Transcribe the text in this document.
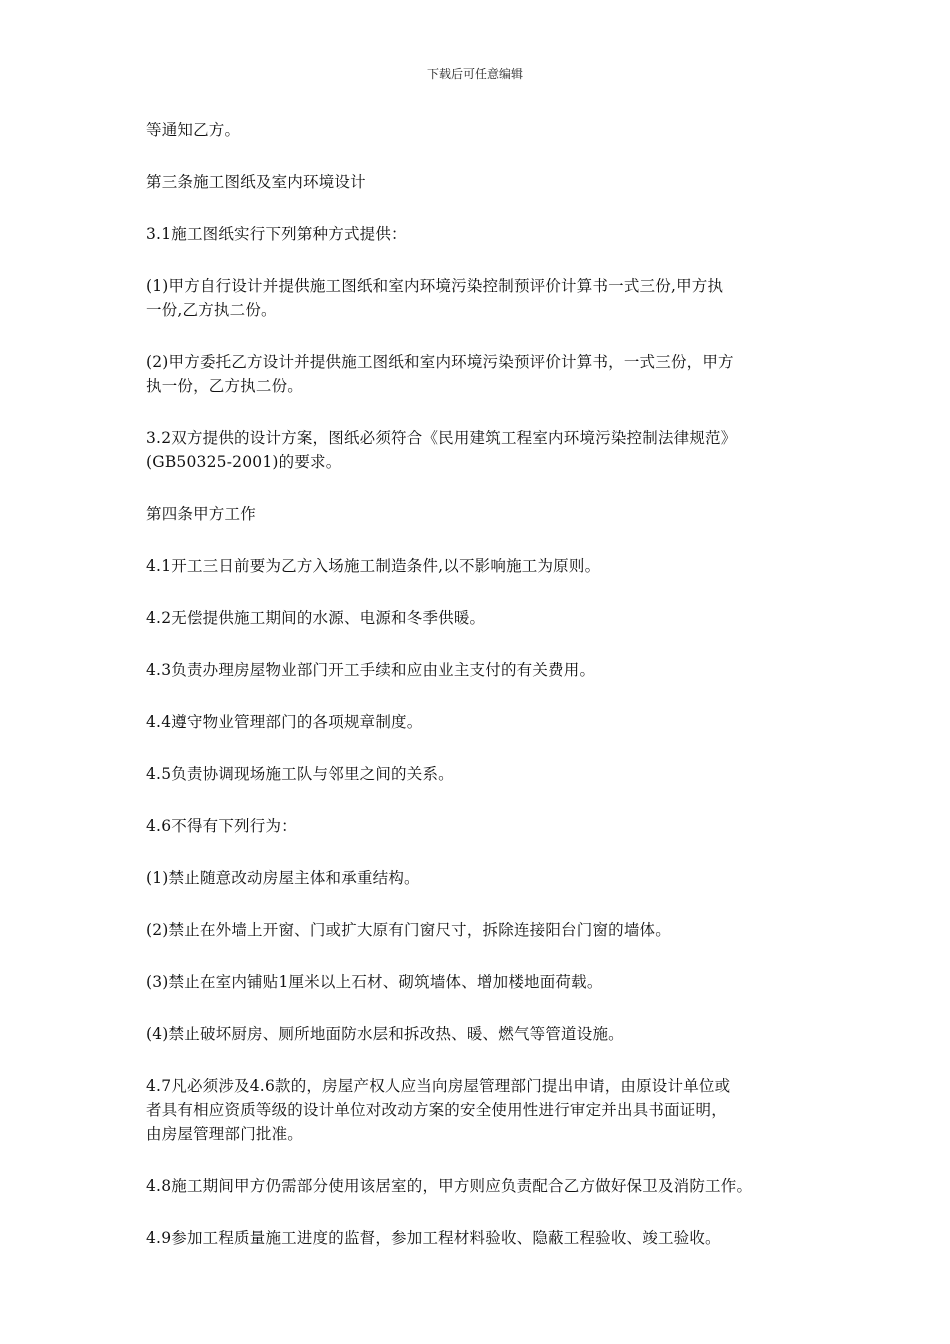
下载后可任意编辑

等通知乙方。

第三条施工图纸及室内环境设计

3.1施工图纸实行下列第种方式提供：

(1)甲方自行设计并提供施工图纸和室内环境污染控制预评价计算书一式三份,甲方执
一份,乙方执二份。

(2)甲方委托乙方设计并提供施工图纸和室内环境污染预评价计算书，一式三份，甲方
执一份，乙方执二份。

3.2双方提供的设计方案，图纸必须符合《民用建筑工程室内环境污染控制法律规范》
(GB50325-2001)的要求。

第四条甲方工作

4.1开工三日前要为乙方入场施工制造条件,以不影响施工为原则。

4.2无偿提供施工期间的水源、电源和冬季供暖。

4.3负责办理房屋物业部门开工手续和应由业主支付的有关费用。

4.4遵守物业管理部门的各项规章制度。

4.5负责协调现场施工队与邻里之间的关系。

4.6不得有下列行为：

(1)禁止随意改动房屋主体和承重结构。

(2)禁止在外墙上开窗、门或扩大原有门窗尺寸，拆除连接阳台门窗的墙体。

(3)禁止在室内铺贴1厘米以上石材、砌筑墙体、增加楼地面荷载。

(4)禁止破坏厨房、厕所地面防水层和拆改热、暖、燃气等管道设施。

4.7凡必须涉及4.6款的，房屋产权人应当向房屋管理部门提出申请，由原设计单位或
者具有相应资质等级的设计单位对改动方案的安全使用性进行审定并出具书面证明，
由房屋管理部门批准。

4.8施工期间甲方仍需部分使用该居室的，甲方则应负责配合乙方做好保卫及消防工作。

4.9参加工程质量施工进度的监督，参加工程材料验收、隐蔽工程验收、竣工验收。
